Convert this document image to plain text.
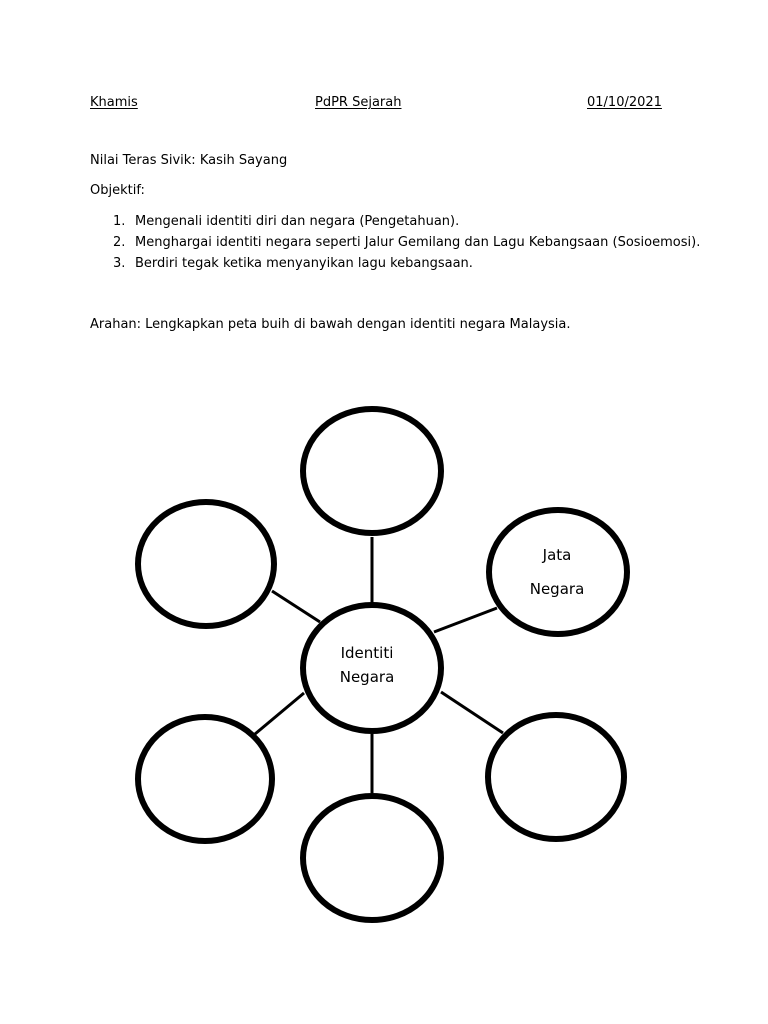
Khamis	PdPR Sejarah	01/10/2021
Nilai Teras Sivik: Kasih Sayang
Objektif:
1. Mengenali identiti diri dan negara (Pengetahuan).
2. Menghargai identiti negara seperti Jalur Gemilang dan Lagu Kebangsaan (Sosioemosi).
3. Berdiri tegak ketika menyanyikan lagu kebangsaan.
Arahan: Lengkapkan peta buih di bawah dengan identiti negara Malaysia.
Identiti
Negara
Jata
Negara
